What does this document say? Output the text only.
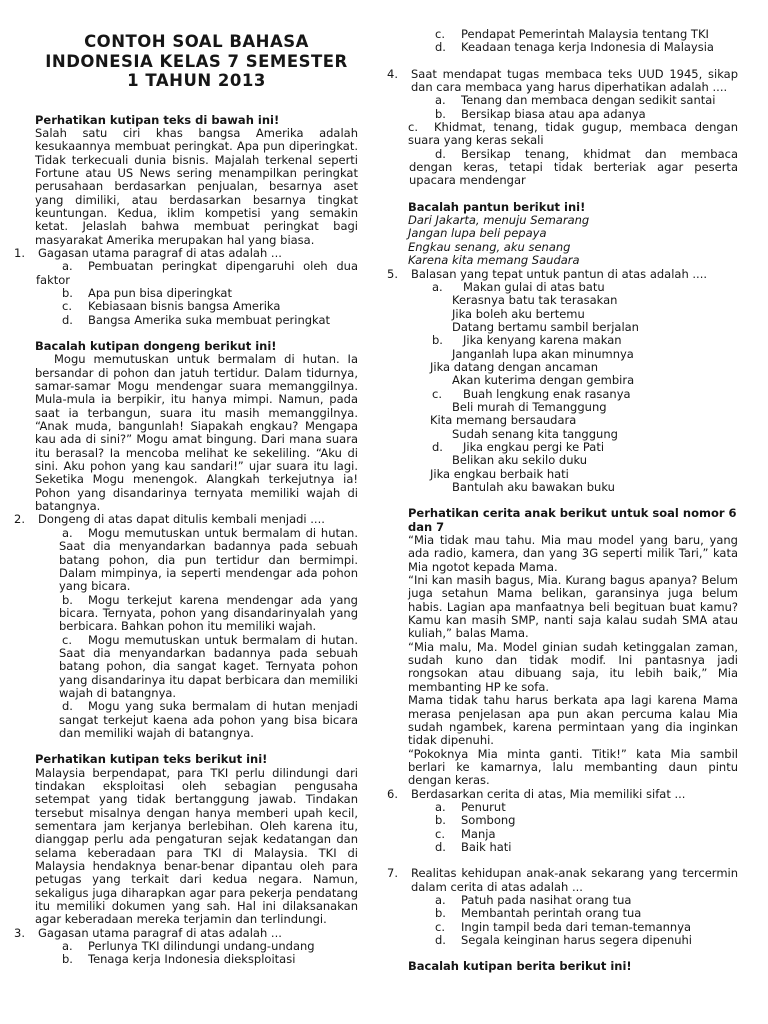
CONTOH SOAL BAHASA
INDONESIA KELAS 7 SEMESTER
1 TAHUN 2013
Perhatikan kutipan teks di bawah ini!
Salah satu ciri khas bangsa Amerika adalah kesukaannya membuat peringkat. Apa pun diperingkat. Tidak terkecuali dunia bisnis. Majalah terkenal seperti Fortune atau US News sering menampilkan peringkat perusahaan berdasarkan penjualan, besarnya aset yang dimiliki, atau berdasarkan besarnya tingkat keuntungan. Kedua, iklim kompetisi yang semakin ketat. Jelaslah bahwa membuat peringkat bagi masyarakat Amerika merupakan hal yang biasa.
1. Gagasan utama paragraf di atas adalah ...
a. Pembuatan peringkat dipengaruhi oleh dua faktor
b. Apa pun bisa diperingkat
c. Kebiasaan bisnis bangsa Amerika
d. Bangsa Amerika suka membuat peringkat
Bacalah kutipan dongeng berikut ini!
Mogu memutuskan untuk bermalam di hutan. Ia bersandar di pohon dan jatuh tertidur. Dalam tidurnya, samar-samar Mogu mendengar suara memanggilnya. Mula-mula ia berpikir, itu hanya mimpi. Namun, pada saat ia terbangun, suara itu masih memanggilnya. “Anak muda, bangunlah! Siapakah engkau? Mengapa kau ada di sini?” Mogu amat bingung. Dari mana suara itu berasal? Ia mencoba melihat ke sekeliling. “Aku di sini. Aku pohon yang kau sandari!” ujar suara itu lagi. Seketika Mogu menengok. Alangkah terkejutnya ia! Pohon yang disandarinya ternyata memiliki wajah di batangnya.
2. Dongeng di atas dapat ditulis kembali menjadi ....
a. Mogu memutuskan untuk bermalam di hutan. Saat dia menyandarkan badannya pada sebuah batang pohon, dia pun tertidur dan bermimpi. Dalam mimpinya, ia seperti mendengar ada pohon yang bicara.
b. Mogu terkejut karena mendengar ada yang bicara. Ternyata, pohon yang disandarinyalah yang berbicara. Bahkan pohon itu memiliki wajah.
c. Mogu memutuskan untuk bermalam di hutan. Saat dia menyandarkan badannya pada sebuah batang pohon, dia sangat kaget. Ternyata pohon yang disandarinya itu dapat berbicara dan memiliki wajah di batangnya.
d. Mogu yang suka bermalam di hutan menjadi sangat terkejut kaena ada pohon yang bisa bicara dan memiliki wajah di batangnya.
Perhatikan kutipan teks berikut ini!
Malaysia berpendapat, para TKI perlu dilindungi dari tindakan eksploitasi oleh sebagian pengusaha setempat yang tidak bertanggung jawab. Tindakan tersebut misalnya dengan hanya memberi upah kecil, sementara jam kerjanya berlebihan. Oleh karena itu, dianggap perlu ada pengaturan sejak kedatangan dan selama keberadaan para TKI di Malaysia. TKI di Malaysia hendaknya benar-benar dipantau oleh para petugas yang terkait dari kedua negara. Namun, sekaligus juga diharapkan agar para pekerja pendatang itu memiliki dokumen yang sah. Hal ini dilaksanakan agar keberadaan mereka terjamin dan terlindungi.
3. Gagasan utama paragraf di atas adalah ...
a. Perlunya TKI dilindungi undang-undang
b. Tenaga kerja Indonesia dieksploitasi
c. Pendapat Pemerintah Malaysia tentang TKI
d. Keadaan tenaga kerja Indonesia di Malaysia
4. Saat mendapat tugas membaca teks UUD 1945, sikap dan cara membaca yang harus diperhatikan adalah ....
a. Tenang dan membaca dengan sedikit santai
b. Bersikap biasa atau apa adanya
c. Khidmat, tenang, tidak gugup, membaca dengan suara yang keras sekali
d. Bersikap tenang, khidmat dan membaca dengan keras, tetapi tidak berteriak agar peserta upacara mendengar
Bacalah pantun berikut ini!
Dari Jakarta, menuju Semarang
Jangan lupa beli pepaya
Engkau senang, aku senang
Karena kita memang Saudara
5. Balasan yang tepat untuk pantun di atas adalah ....
a. Makan gulai di atas batu
Kerasnya batu tak terasakan
Jika boleh aku bertemu
Datang bertamu sambil berjalan
b. Jika kenyang karena makan
Janganlah lupa akan minumnya
Jika datang dengan ancaman
Akan kuterima dengan gembira
c. Buah lengkung enak rasanya
Beli murah di Temanggung
Kita memang bersaudara
Sudah senang kita tanggung
d. Jika engkau pergi ke Pati
Belikan aku sekilo duku
Jika engkau berbaik hati
Bantulah aku bawakan buku
Perhatikan cerita anak berikut untuk soal nomor 6 dan 7
“Mia tidak mau tahu. Mia mau model yang baru, yang ada radio, kamera, dan yang 3G seperti milik Tari,” kata Mia ngotot kepada Mama.
“Ini kan masih bagus, Mia. Kurang bagus apanya? Belum juga setahun Mama belikan, garansinya juga belum habis. Lagian apa manfaatnya beli begituan buat kamu? Kamu kan masih SMP, nanti saja kalau sudah SMA atau kuliah,” balas Mama.
“Mia malu, Ma. Model ginian sudah ketinggalan zaman, sudah kuno dan tidak modif. Ini pantasnya jadi rongsokan atau dibuang saja, itu lebih baik,” Mia membanting HP ke sofa.
Mama tidak tahu harus berkata apa lagi karena Mama merasa penjelasan apa pun akan percuma kalau Mia sudah ngambek, karena permintaan yang dia inginkan tidak dipenuhi.
“Pokoknya Mia minta ganti. Titik!” kata Mia sambil berlari ke kamarnya, lalu membanting daun pintu dengan keras.
6. Berdasarkan cerita di atas, Mia memiliki sifat ...
a. Penurut
b. Sombong
c. Manja
d. Baik hati
7. Realitas kehidupan anak-anak sekarang yang tercermin dalam cerita di atas adalah ...
a. Patuh pada nasihat orang tua
b. Membantah perintah orang tua
c. Ingin tampil beda dari teman-temannya
d. Segala keinginan harus segera dipenuhi
Bacalah kutipan berita berikut ini!
